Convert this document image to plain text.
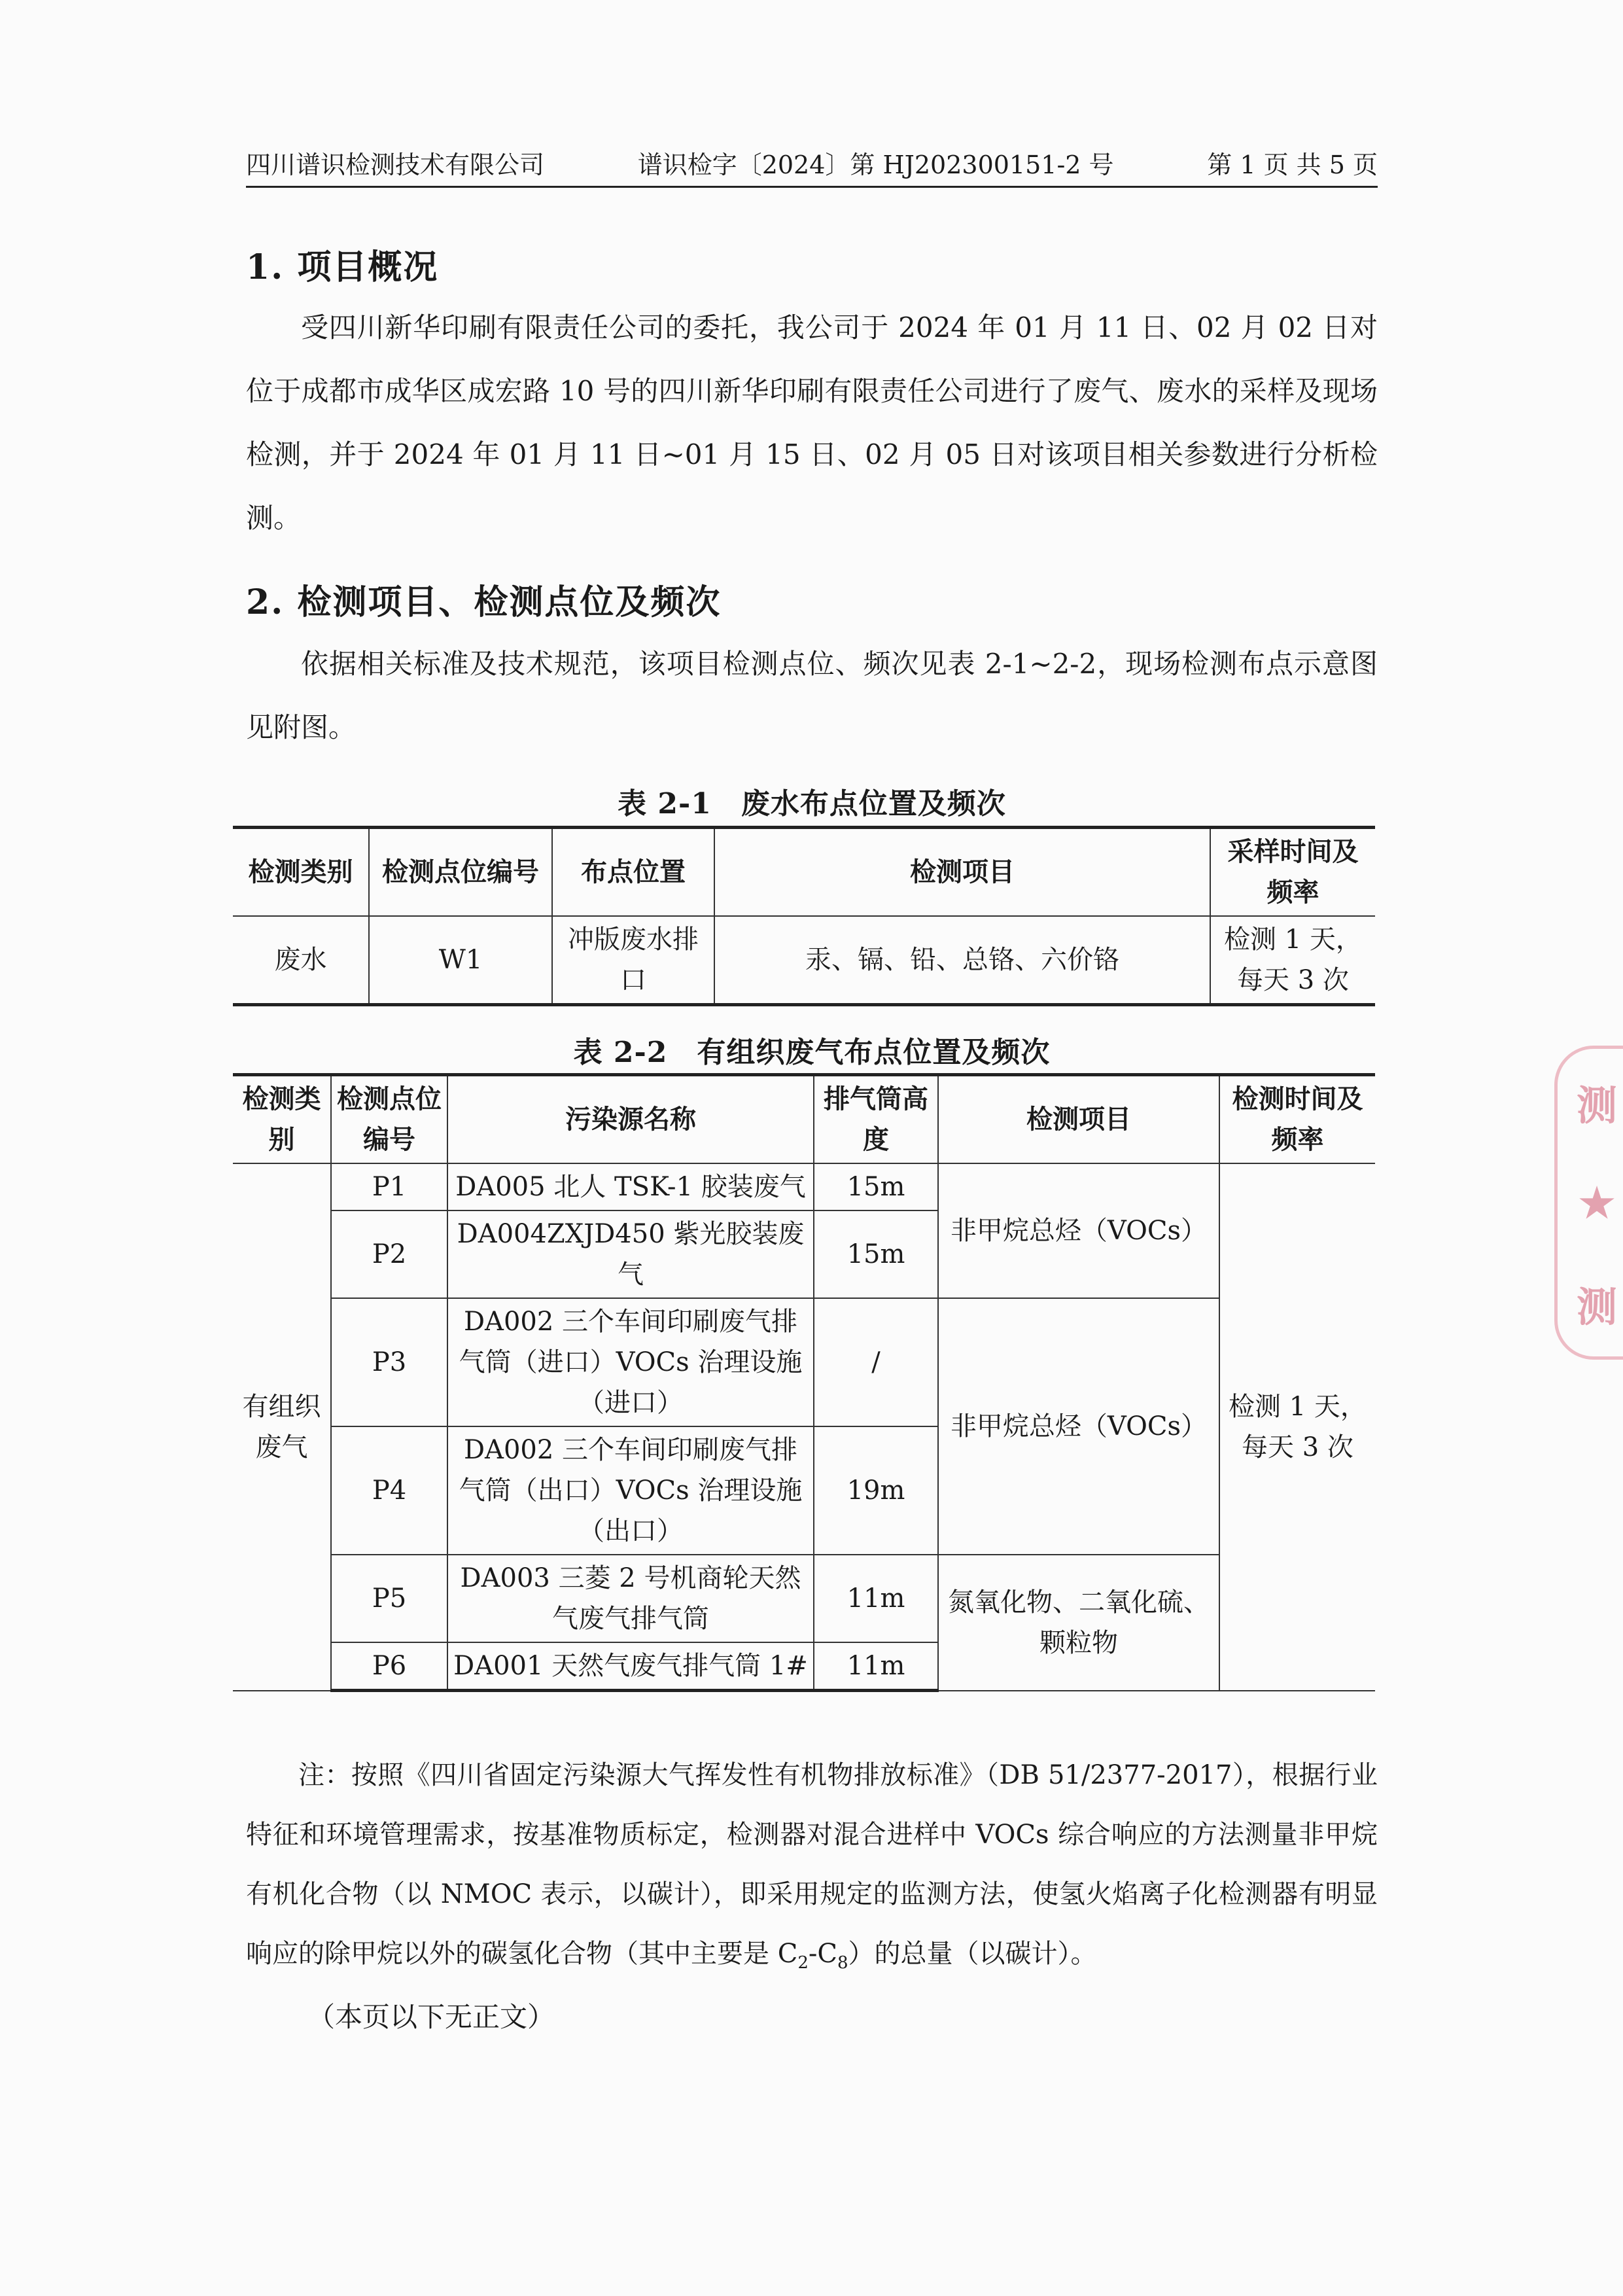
四川谱识检测技术有限公司	谱识检字〔2024〕第 HJ202300151-2 号	第 1 页 共 5 页
1. 项目概况

受四川新华印刷有限责任公司的委托，我公司于 2024 年 01 月 11 日、02 月 02 日对位于成都市成华区成宏路 10 号的四川新华印刷有限责任公司进行了废气、废水的采样及现场检测，并于 2024 年 01 月 11 日~01 月 15 日、02 月 05 日对该项目相关参数进行分析检测。

2. 检测项目、检测点位及频次

依据相关标准及技术规范，该项目检测点位、频次见表 2-1~2-2，现场检测布点示意图见附图。

表 2-1　废水布点位置及频次
检测类别	检测点位编号	布点位置	检测项目	采样时间及频率
废水	W1	冲版废水排口	汞、镉、铅、总铬、六价铬	检测 1 天，每天 3 次
表 2-2　有组织废气布点位置及频次
检测类别	检测点位编号	污染源名称	排气筒高度	检测项目	检测时间及频率
有组织废气	P1	DA005 北人 TSK-1 胶装废气	15m	非甲烷总烃（VOCs）	检测 1 天，每天 3 次
	P2	DA004ZXJD450 紫光胶装废气	15m		
	P3	DA002 三个车间印刷废气排气筒（进口）VOCs 治理设施（进口）	/	非甲烷总烃（VOCs）	
	P4	DA002 三个车间印刷废气排气筒（出口）VOCs 治理设施（出口）	19m		
	P5	DA003 三菱 2 号机商轮天然气废气排气筒	11m	氮氧化物、二氧化硫、颗粒物	
	P6	DA001 天然气废气排气筒 1#	11m		

注：按照《四川省固定污染源大气挥发性有机物排放标准》（DB 51/2377-2017），根据行业特征和环境管理需求，按基准物质标定，检测器对混合进样中 VOCs 综合响应的方法测量非甲烷有机化合物（以 NMOC 表示，以碳计），即采用规定的监测方法，使氢火焰离子化检测器有明显响应的除甲烷以外的碳氢化合物（其中主要是 $C_2-C_8$）的总量（以碳计）。

（本页以下无正文）
测
★
测
